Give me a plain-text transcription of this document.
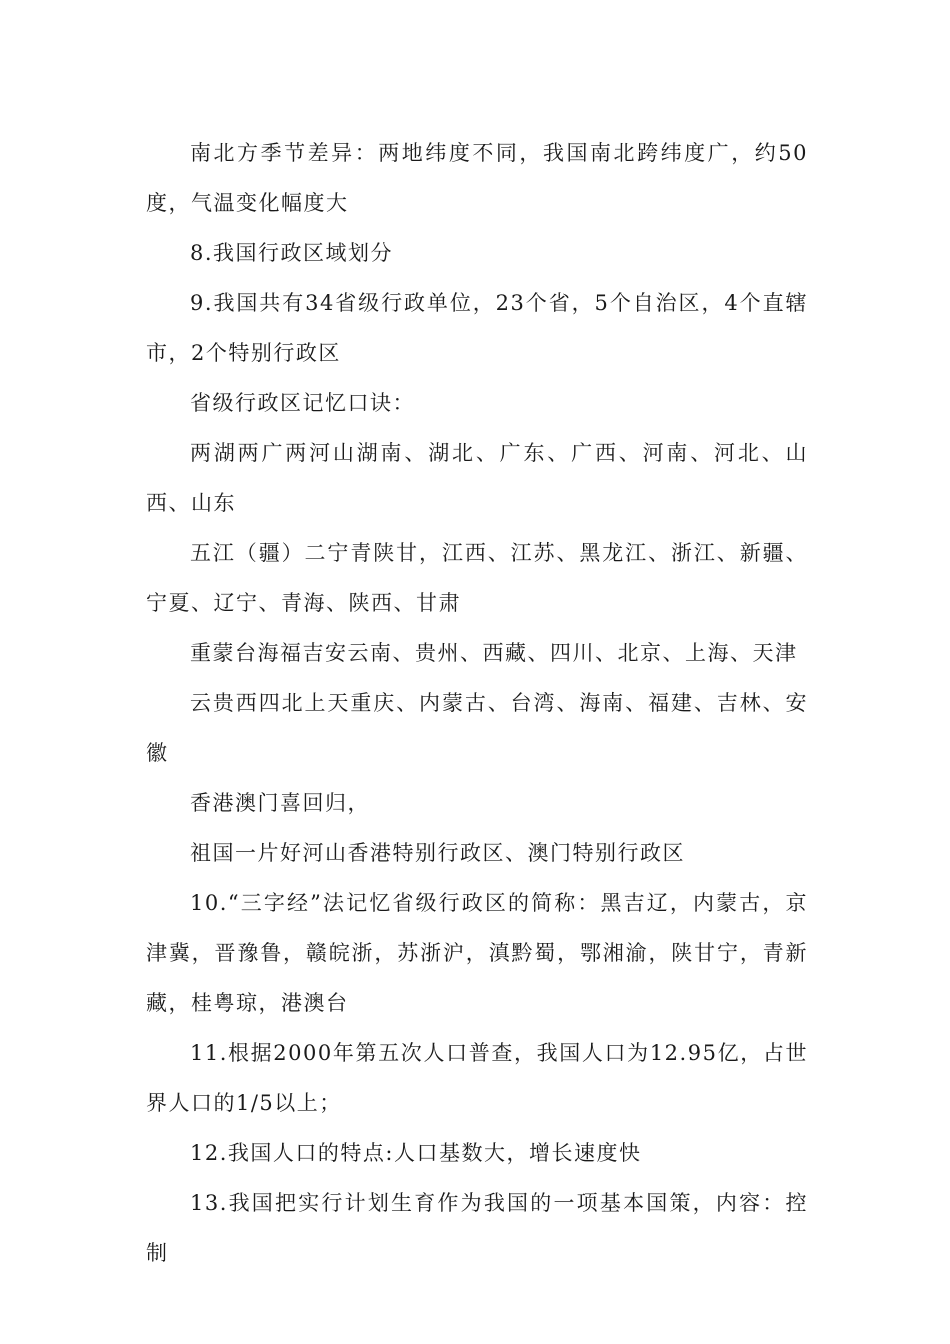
南北方季节差异：两地纬度不同，我国南北跨纬度广，约50度，气温变化幅度大

8.我国行政区域划分

9.我国共有34省级行政单位，23个省，5个自治区，4个直辖市，2个特别行政区

省级行政区记忆口诀：

两湖两广两河山湖南、湖北、广东、广西、河南、河北、山西、山东

五江（疆）二宁青陕甘，江西、江苏、黑龙江、浙江、新疆、宁夏、辽宁、青海、陕西、甘肃

重蒙台海福吉安云南、贵州、西藏、四川、北京、上海、天津

云贵西四北上天重庆、内蒙古、台湾、海南、福建、吉林、安徽

香港澳门喜回归，

祖国一片好河山香港特别行政区、澳门特别行政区

10.“三字经”法记忆省级行政区的简称：黑吉辽，内蒙古，京津冀，晋豫鲁，赣皖浙，苏浙沪，滇黔蜀，鄂湘渝，陕甘宁，青新藏，桂粤琼，港澳台

11.根据2000年第五次人口普查，我国人口为12.95亿，占世界人口的1/5以上；

12.我国人口的特点:人口基数大，增长速度快

13.我国把实行计划生育作为我国的一项基本国策，内容：控制
